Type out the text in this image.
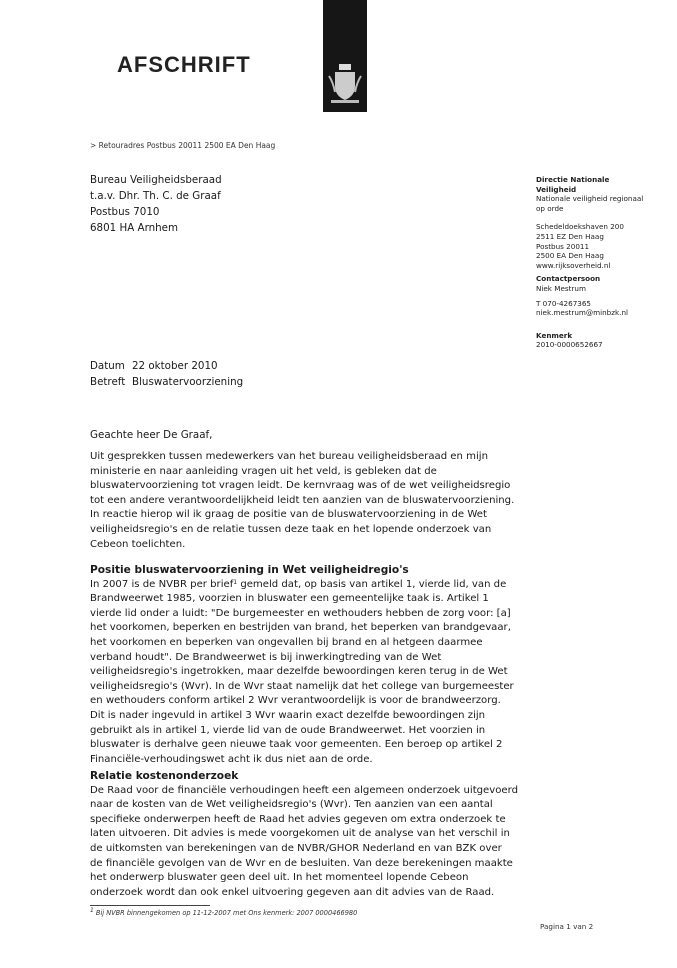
AFSCHRIFT
> Retouradres Postbus 20011 2500 EA Den Haag
Bureau Veiligheidsberaad
t.a.v. Dhr. Th. C. de Graaf
Postbus 7010
6801 HA Arnhem
Directie Nationale
Veiligheid
Nationale veiligheid regionaal
op orde
Schedeldoekshaven 200
2511 EZ Den Haag
Postbus 20011
2500 EA Den Haag
www.rijksoverheid.nl
Contactpersoon
Niek Mestrum
T 070-4267365
niek.mestrum@minbzk.nl
Kenmerk
2010-0000652667
Datum 22 oktober 2010
Betreft Bluswatervoorziening
Geachte heer De Graaf,
Uit gesprekken tussen medewerkers van het bureau veiligheidsberaad en mijn
ministerie en naar aanleiding vragen uit het veld, is gebleken dat de
bluswatervoorziening tot vragen leidt. De kernvraag was of de wet veiligheidsregio
tot een andere verantwoordelijkheid leidt ten aanzien van de bluswatervoorziening.
In reactie hierop wil ik graag de positie van de bluswatervoorziening in de Wet
veiligheidsregio's en de relatie tussen deze taak en het lopende onderzoek van
Cebeon toelichten.
Positie bluswatervoorziening in Wet veiligheidregio's
In 2007 is de NVBR per brief$^1$ gemeld dat, op basis van artikel 1, vierde lid, van de
Brandweerwet 1985, voorzien in bluswater een gemeentelijke taak is. Artikel 1
vierde lid onder a luidt: "De burgemeester en wethouders hebben de zorg voor: [a]
het voorkomen, beperken en bestrijden van brand, het beperken van brandgevaar,
het voorkomen en beperken van ongevallen bij brand en al hetgeen daarmee
verband houdt". De Brandweerwet is bij inwerkingtreding van de Wet
veiligheidsregio's ingetrokken, maar dezelfde bewoordingen keren terug in de Wet
veiligheidsregio's (Wvr). In de Wvr staat namelijk dat het college van burgemeester
en wethouders conform artikel 2 Wvr verantwoordelijk is voor de brandweerzorg.
Dit is nader ingevuld in artikel 3 Wvr waarin exact dezelfde bewoordingen zijn
gebruikt als in artikel 1, vierde lid van de oude Brandweerwet. Het voorzien in
bluswater is derhalve geen nieuwe taak voor gemeenten. Een beroep op artikel 2
Financiële-verhoudingswet acht ik dus niet aan de orde.
Relatie kostenonderzoek
De Raad voor de financiële verhoudingen heeft een algemeen onderzoek uitgevoerd
naar de kosten van de Wet veiligheidsregio's (Wvr). Ten aanzien van een aantal
specifieke onderwerpen heeft de Raad het advies gegeven om extra onderzoek te
laten uitvoeren. Dit advies is mede voorgekomen uit de analyse van het verschil in
de uitkomsten van berekeningen van de NVBR/GHOR Nederland en van BZK over
de financiële gevolgen van de Wvr en de besluiten. Van deze berekeningen maakte
het onderwerp bluswater geen deel uit. In het momenteel lopende Cebeon
onderzoek wordt dan ook enkel uitvoering gegeven aan dit advies van de Raad.
$^1$ Bij NVBR binnengekomen op 11-12-2007 met Ons kenmerk: 2007 0000466980
Pagina 1 van 2
